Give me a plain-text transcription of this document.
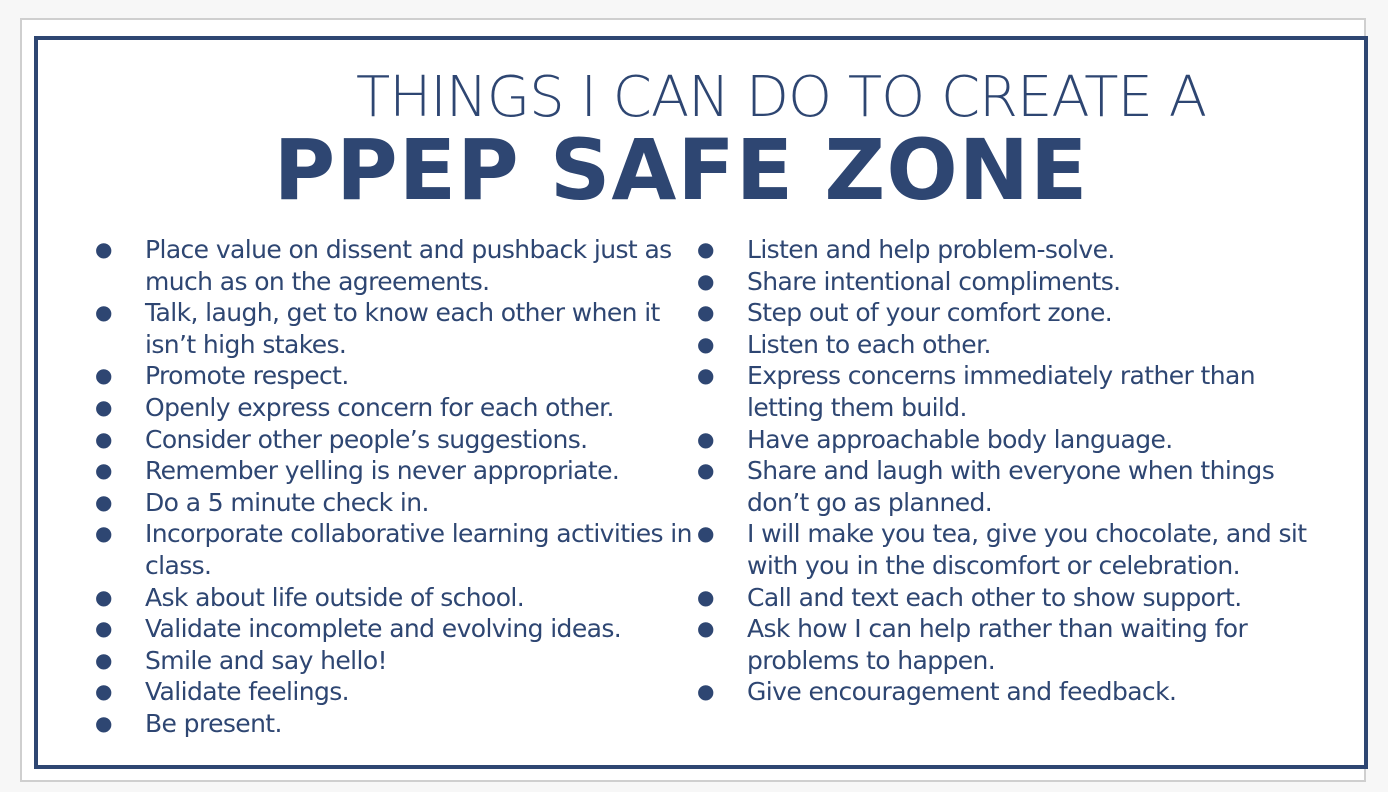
THINGS I CAN DO TO CREATE A
PPEP SAFE ZONE
● Place value on dissent and pushback just as much as on the agreements.
● Talk, laugh, get to know each other when it isn’t high stakes.
● Promote respect.
● Openly express concern for each other.
● Consider other people’s suggestions.
● Remember yelling is never appropriate.
● Do a 5 minute check in.
● Incorporate collaborative learning activities in class.
● Ask about life outside of school.
● Validate incomplete and evolving ideas.
● Smile and say hello!
● Validate feelings.
● Be present.
● Listen and help problem-solve.
● Share intentional compliments.
● Step out of your comfort zone.
● Listen to each other.
● Express concerns immediately rather than letting them build.
● Have approachable body language.
● Share and laugh with everyone when things don’t go as planned.
● I will make you tea, give you chocolate, and sit with you in the discomfort or celebration.
● Call and text each other to show support.
● Ask how I can help rather than waiting for problems to happen.
● Give encouragement and feedback.
